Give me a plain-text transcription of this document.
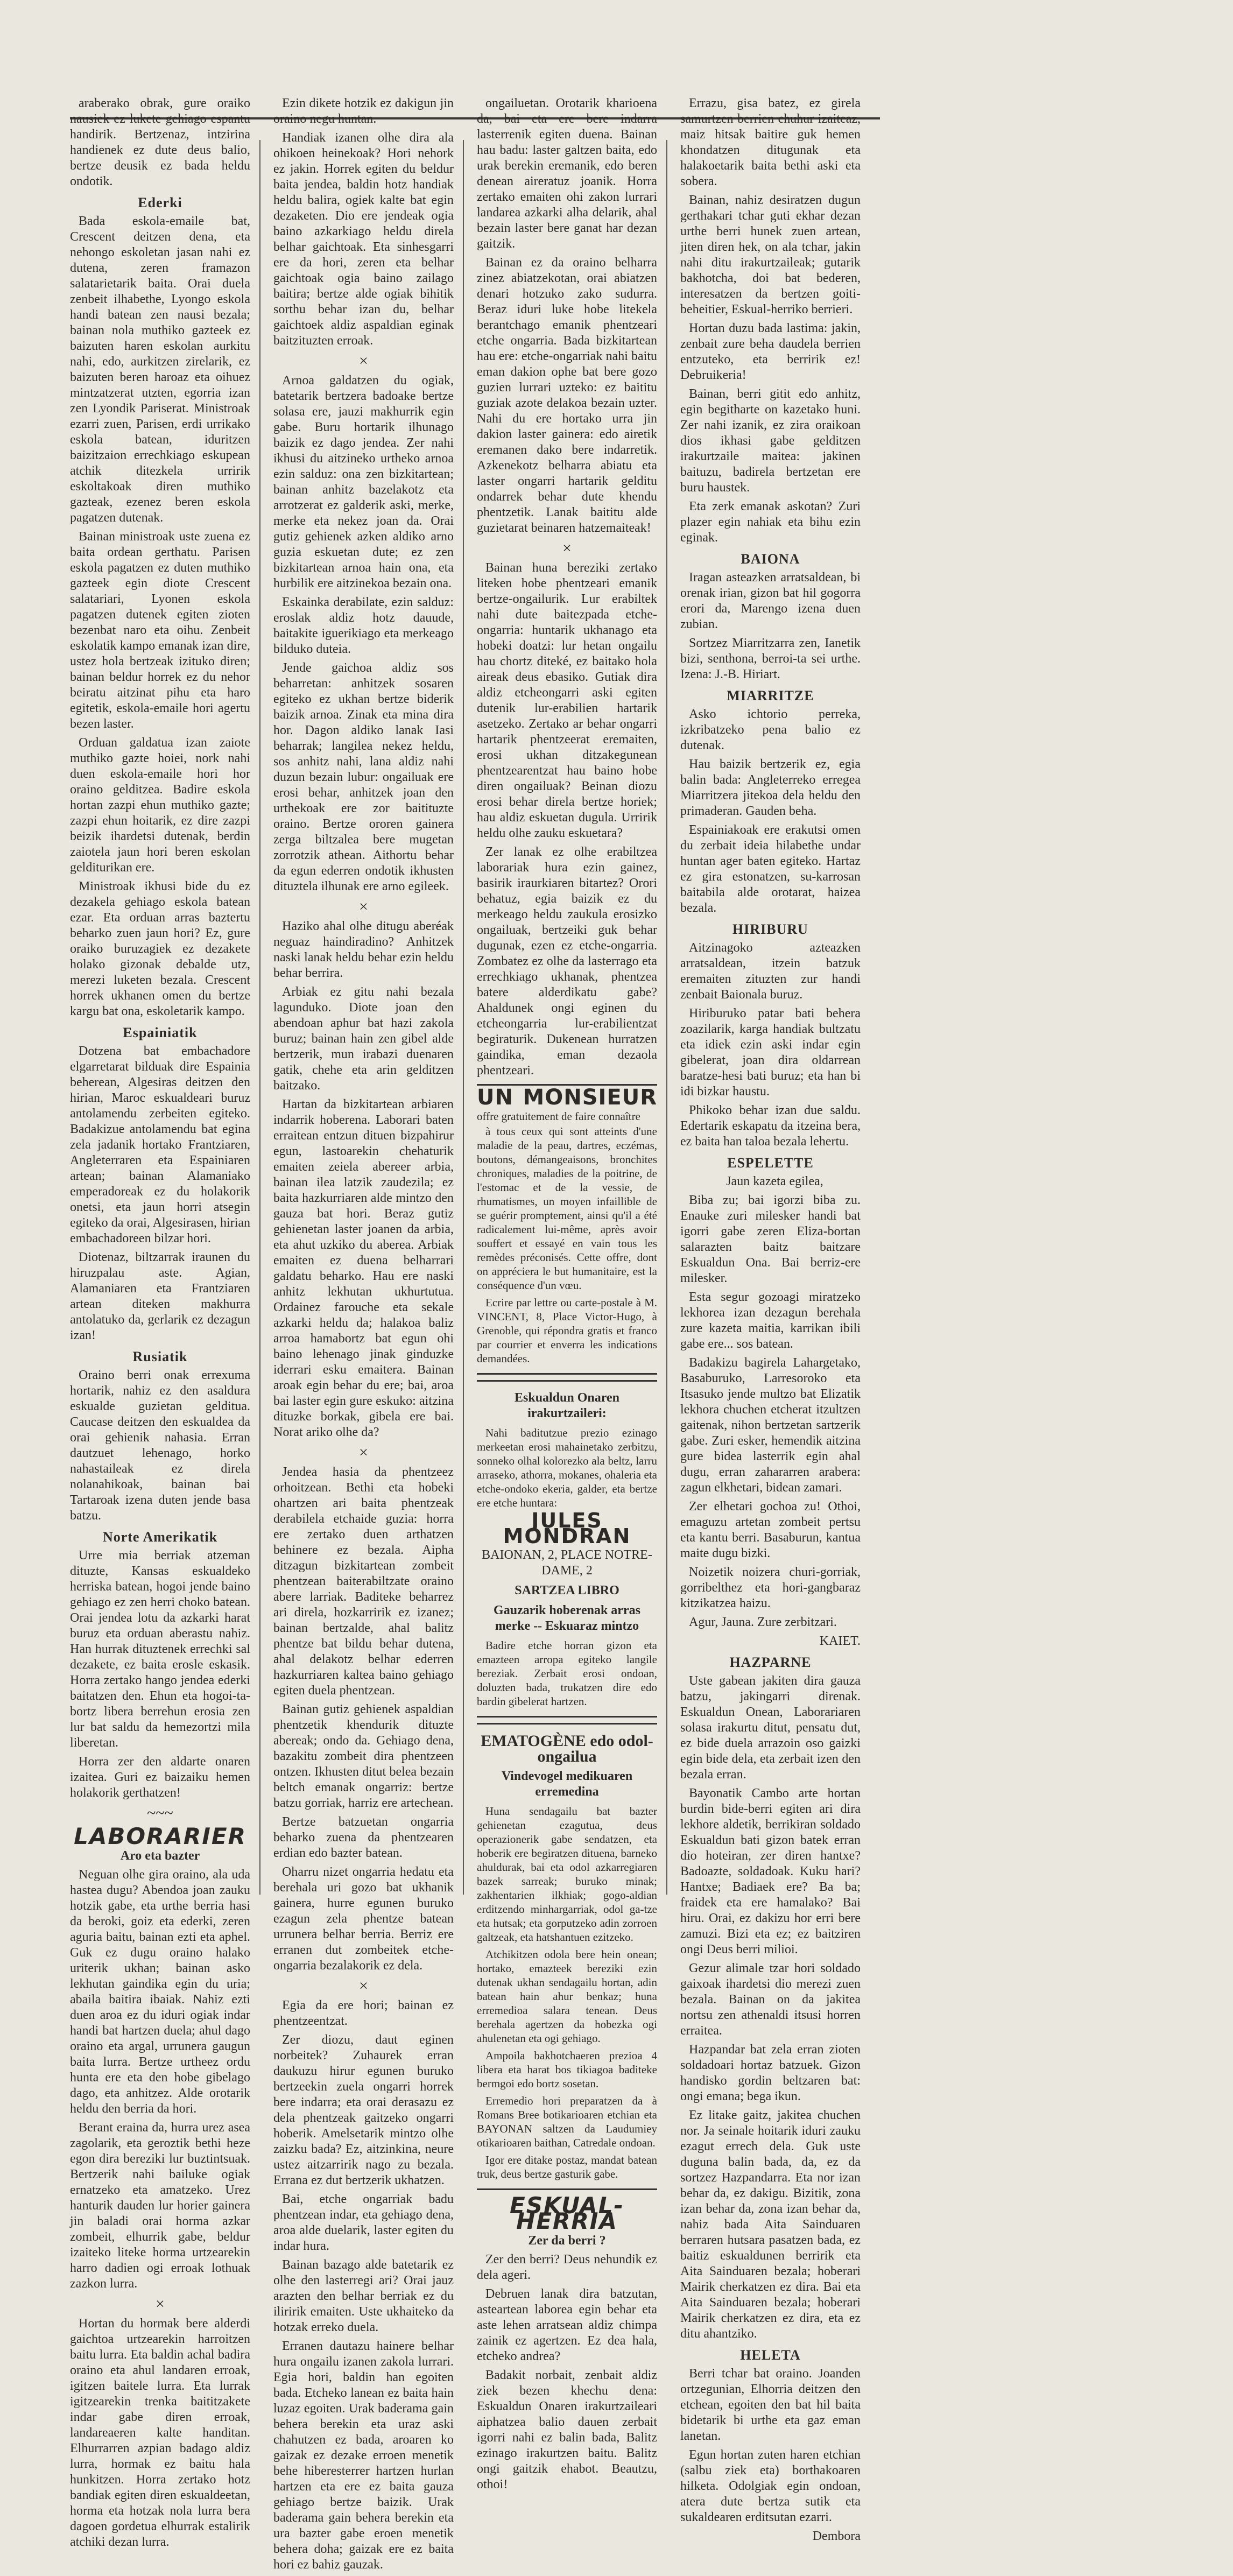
araberako obrak, gure oraiko nausiek ez lukete gehiago espantu handirik. Bertzenaz, intzirina handienek ez dute deus balio, bertze deusik ez bada heldu ondotik.

Ederki

Bada eskola-emaile bat, Crescent deitzen dena, eta nehongo eskoletan jasan nahi ez dutena, zeren framazon salatarietarik baita. Orai duela zenbeit ilhabethe, Lyongo eskola handi batean zen nausi bezala; bainan nola muthiko gazteek ez baizuten haren eskolan aurkitu nahi, edo, aurkitzen zirelarik, ez baizuten beren haroaz eta oihuez mintzatzerat utzten, egorria izan zen Lyondik Pariserat. Ministroak ezarri zuen, Parisen, erdi urrikako eskola batean, iduritzen baizitzaion errechkiago eskupean atchik ditezkela urririk eskoltakoak diren muthiko gazteak, ezenez beren eskola pagatzen dutenak.

Bainan ministroak uste zuena ez baita ordean gerthatu. Parisen eskola pagatzen ez duten muthiko gazteek egin diote Crescent salatariari, Lyonen eskola pagatzen dutenek egiten zioten bezenbat naro eta oihu. Zenbeit eskolatik kampo emanak izan dire, ustez hola bertzeak izituko diren; bainan beldur horrek ez du nehor beiratu aitzinat pihu eta haro egitetik, eskola-emaile hori agertu bezen laster.

Orduan galdatua izan zaiote muthiko gazte hoiei, nork nahi duen eskola-emaile hori hor oraino gelditzea. Badire eskola hortan zazpi ehun muthiko gazte; zazpi ehun hoitarik, ez dire zazpi beizik ihardetsi dutenak, berdin zaiotela jaun hori beren eskolan gelditurikan ere.

Ministroak ikhusi bide du ez dezakela gehiago eskola batean ezar. Eta orduan arras baztertu beharko zuen jaun hori? Ez, gure oraiko buruzagiek ez dezakete holako gizonak debalde utz, merezi luketen bezala. Crescent horrek ukhanen omen du bertze kargu bat ona, eskoletarik kampo.

Espainiatik

Dotzena bat embachadore elgarretarat bilduak dire Espainia beherean, Algesiras deitzen den hirian, Maroc eskualdeari buruz antolamendu zerbeiten egiteko. Badakizue antolamendu bat egina zela jadanik hortako Frantziaren, Angleterraren eta Espainiaren artean; bainan Alamaniako emperadoreak ez du holakorik onetsi, eta jaun horri atsegin egiteko da orai, Algesirasen, hirian embachadoreen bilzar hori.

Diotenaz, biltzarrak iraunen du hiruzpalau aste. Agian, Alamaniaren eta Frantziaren artean diteken makhurra antolatuko da, gerlarik ez dezagun izan!

Rusiatik

Oraino berri onak errexuma hortarik, nahiz ez den asaldura eskualde guzietan gelditua. Caucase deitzen den eskualdea da orai gehienik nahasia. Erran dautzuet lehenago, horko nahastaileak ez direla nolanahikoak, bainan bai Tartaroak izena duten jende basa batzu.

Norte Amerikatik

Urre mia berriak atzeman dituzte, Kansas eskualdeko herriska batean, hogoi jende baino gehiago ez zen herri choko batean. Orai jendea lotu da azkarki harat buruz eta orduan aberastu nahiz. Han hurrak dituztenek errechki sal dezakete, ez baita erosle eskasik. Horra zertako hango jendea ederki baitatzen den. Ehun eta hogoi-ta-bortz libera berrehun erosia zen lur bat saldu da hemezortzi mila liberetan.

Horra zer den aldarte onaren izaitea. Guri ez baizaiku hemen holakorik gerthatzen!

~~~
LABORARIER
Aro eta bazter

Neguan olhe gira oraino, ala uda hastea dugu? Abendoa joan zauku hotzik gabe, eta urthe berria hasi da beroki, goiz eta ederki, zeren aguria baitu, bainan ezti eta aphel. Guk ez dugu oraino halako uriterik ukhan; bainan asko lekhutan gaindika egin du uria; abaila baitira ibaiak. Nahiz ezti duen aroa ez du iduri ogiak indar handi bat hartzen duela; ahul dago oraino eta argal, urrunera gaugun baita lurra. Bertze urtheez ordu hunta ere eta den hobe gibelago dago, eta anhitzez. Alde orotarik heldu den berria da hori.

Berant eraina da, hurra urez asea zagolarik, eta geroztik bethi heze egon dira bereziki lur buztintsuak. Bertzerik nahi bailuke ogiak ernatzeko eta amatzeko. Urez hanturik dauden lur horier gainera jin baladi orai horma azkar zombeit, elhurrik gabe, beldur izaiteko liteke horma urtzearekin harro dadien ogi erroak lothuak zazkon lurra.

×

Hortan du hormak bere alderdi gaichtoa urtzearekin harroitzen baitu lurra. Eta baldin achal badira oraino eta ahul landaren erroak, igitzen baitele lurra. Eta lurrak igitzearekin trenka baititzakete indar gabe diren erroak, landareaeren kalte handitan. Elhurrarren azpian badago aldiz lurra, hormak ez baitu hala hunkitzen. Horra zertako hotz bandiak egiten diren eskualdeetan, horma eta hotzak nola lurra bera dagoen gordetua elhurrak estalirik atchiki dezan lurra.

Ezin dikete hotzik ez dakigun jin oraino negu huntan.

Handiak izanen olhe dira ala ohikoen heinekoak? Hori nehork ez jakin. Horrek egiten du beldur baita jendea, baldin hotz handiak heldu balira, ogiek kalte bat egin dezaketen. Dio ere jendeak ogia baino azkarkiago heldu direla belhar gaichtoak. Eta sinhesgarri ere da hori, zeren eta belhar gaichtoak ogia baino zailago baitira; bertze alde ogiak bihitik sorthu behar izan du, belhar gaichtoek aldiz aspaldian eginak baitzituzten erroak.

×

Arnoa galdatzen du ogiak, batetarik bertzera badoake bertze solasa ere, jauzi makhurrik egin gabe. Buru hortarik ilhunago baizik ez dago jendea. Zer nahi ikhusi du aitzineko urtheko arnoa ezin salduz: ona zen bizkitartean; bainan anhitz bazelakotz eta arrotzerat ez galderik aski, merke, merke eta nekez joan da. Orai gutiz gehienek azken aldiko arno guzia eskuetan dute; ez zen bizkitartean arnoa hain ona, eta hurbilik ere aitzinekoa bezain ona.

Eskainka derabilate, ezin salduz: eroslak aldiz hotz dauude, baitakite iguerikiago eta merkeago bilduko duteia.

Jende gaichoa aldiz sos beharretan: anhitzek sosaren egiteko ez ukhan bertze biderik baizik arnoa. Zinak eta mina dira hor. Dagon aldiko lanak Iasi beharrak; langilea nekez heldu, sos anhitz nahi, lana aldiz nahi duzun bezain lubur: ongailuak ere erosi behar, anhitzek joan den urthekoak ere zor baitituzte oraino. Bertze ororen gainera zerga biltzalea bere mugetan zorrotzik athean. Aithortu behar da egun ederren ondotik ikhusten dituztela ilhunak ere arno egileek.

×

Haziko ahal olhe ditugu aberéak neguaz haindiradino? Anhitzek naski lanak heldu behar ezin heldu behar berrira.

Arbiak ez gitu nahi bezala lagunduko. Diote joan den abendoan aphur bat hazi zakola buruz; bainan hain zen gibel alde bertzerik, mun irabazi duenaren gatik, chehe eta arin gelditzen baitzako.

Hartan da bizkitartean arbiaren indarrik hoberena. Laborari baten erraitean entzun dituen bizpahirur egun, lastoarekin chehaturik emaiten zeiela abereer arbia, bainan ilea latzik zaudezila; ez baita hazkurriaren alde mintzo den gauza bat hori. Beraz gutiz gehienetan laster joanen da arbia, eta ahut uzkiko du aberea. Arbiak emaiten ez duena belharrari galdatu beharko. Hau ere naski anhitz lekhutan ukhurtutua. Ordainez farouche eta sekale azkarki heldu da; halakoa baliz arroa hamabortz bat egun ohi baino lehenago jinak ginduzke iderrari esku emaitera. Bainan aroak egin behar du ere; bai, aroa bai laster egin gure eskuko: aitzina dituzke borkak, gibela ere bai. Norat ariko olhe da?

×

Jendea hasia da phentzeez orhoitzean. Bethi eta hobeki ohartzen ari baita phentzeak derabilela etchaide guzia: horra ere zertako duen arthatzen behinere ez bezala. Aipha ditzagun bizkitartean zombeit phentzean baiterabiltzate oraino abere larriak. Baditeke beharrez ari direla, hozkarririk ez izanez; bainan bertzalde, ahal balitz phentze bat bildu behar dutena, ahal delakotz belhar ederren hazkurriaren kaltea baino gehiago egiten duela phentzean.

Bainan gutiz gehienek aspaldian phentzetik khendurik dituzte abereak; ondo da. Gehiago dena, bazakitu zombeit dira phentzeen ontzen. Ikhusten ditut belea bezain beltch emanak ongarriz: bertze batzu gorriak, harriz ere artechean.

Bertze batzuetan ongarria beharko zuena da phentzearen erdian edo bazter batean.

Oharru nizet ongarria hedatu eta berehala uri gozo bat ukhanik gainera, hurre egunen buruko ezagun zela phentze batean urrunera belhar berria. Berriz ere erranen dut zombeitek etche-ongarria bezalakorik ez dela.

×

Egia da ere hori; bainan ez phentzeentzat.

Zer diozu, daut eginen norbeitek? Zuhaurek erran daukuzu hirur egunen buruko bertzeekin zuela ongarri horrek bere indarra; eta orai derasazu ez dela phentzeak gaitzeko ongarri hoberik. Amelsetarik mintzo olhe zaizku bada? Ez, aitzinkina, neure ustez aitzarririk nago zu bezala. Errana ez dut bertzerik ukhatzen.

Bai, etche ongarriak badu phentzean indar, eta gehiago dena, aroa alde duelarik, laster egiten du indar hura.

Bainan bazago alde batetarik ez olhe den lasterregi ari? Orai jauz arazten den belhar berriak ez du iliririk emaiten. Uste ukhaiteko da hotzak erreko duela.

Erranen dautazu hainere belhar hura ongailu izanen zakola lurrari. Egia hori, baldin han egoiten bada. Etcheko lanean ez baita hain luzaz egoiten. Urak baderama gain behera berekin eta uraz aski chahutzen ez bada, aroaren ko gaizak ez dezake erroen menetik behe hiberesterrer hartzen hurlan hartzen eta ere ez baita gauza gehiago bertze baizik. Urak baderama gain behera berekin eta ura bazter gabe eroen menetik behera doha; gaizak ere ez baita hori ez bahiz gauzak.

ongailuetan. Orotarik kharioena da, bai eta ere bere indarra lasterrenik egiten duena. Bainan hau badu: laster galtzen baita, edo urak berekin eremanik, edo beren denean aireratuz joanik. Horra zertako emaiten ohi zakon lurrari landarea azkarki alha delarik, ahal bezain laster bere ganat har dezan gaitzik.

Bainan ez da oraino belharra zinez abiatzekotan, orai abiatzen denari hotzuko zako sudurra. Beraz iduri luke hobe litekela berantchago emanik phentzeari etche ongarria. Bada bizkitartean hau ere: etche-ongarriak nahi baitu eman dakion ophe bat bere gozo guzien lurrari uzteko: ez baititu guziak azote delakoa bezain uzter. Nahi du ere hortako urra jin dakion laster gainera: edo airetik eremanen dako bere indarretik. Azkenekotz belharra abiatu eta laster ongarri hartarik gelditu ondarrek behar dute khendu phentzetik. Lanak baititu alde guzietarat beinaren hatzemaiteak!

×

Bainan huna bereziki zertako liteken hobe phentzeari emanik bertze-ongailurik. Lur erabiltek nahi dute baitezpada etche-ongarria: huntarik ukhanago eta hobeki doatzi: lur hetan ongailu hau chortz diteké, ez baitako hola aireak deus ebasiko. Gutiak dira aldiz etcheongarri aski egiten dutenik lur-erabilien hartarik asetzeko. Zertako ar behar ongarri hartarik phentzeerat eremaiten, erosi ukhan ditzakegunean phentzearentzat hau baino hobe diren ongailuak? Beinan diozu erosi behar direla bertze horiek; hau aldiz eskuetan dugula. Urririk heldu olhe zauku eskuetara?

Zer lanak ez olhe erabiltzea laborariak hura ezin gainez, basirik iraurkiaren bitartez? Orori behatuz, egia baizik ez du merkeago heldu zaukula erosizko ongailuak, bertzeiki guk behar dugunak, ezen ez etche-ongarria. Zombatez ez olhe da lasterrago eta errechkiago ukhanak, phentzea batere alderdikatu gabe? Ahaldunek ongi eginen du etcheongarria lur-erabilientzat begiraturik. Dukenean hurratzen gaindika, eman dezaola phentzeari.

UN MONSIEUR offre gratuitement de faire connaître

à tous ceux qui sont atteints d'une maladie de la peau, dartres, eczémas, boutons, démangeaisons, bronchites chroniques, maladies de la poitrine, de l'estomac et de la vessie, de rhumatismes, un moyen infaillible de se guérir promptement, ainsi qu'il a été radicalement lui-même, après avoir souffert et essayé en vain tous les remèdes préconisés. Cette offre, dont on appréciera le but humanitaire, est la conséquence d'un vœu.

Ecrire par lettre ou carte-postale à M. VINCENT, 8, Place Victor-Hugo, à Grenoble, qui répondra gratis et franco par courrier et enverra les indications demandées.

Eskualdun Onaren irakurtzaileri:

Nahi baditutzue prezio ezinago merkeetan erosi mahainetako zerbitzu, sonneko olhal kolorezko ala beltz, larru arraseko, athorra, mokanes, ohaleria eta etche-ondoko ekeria, galder, eta bertze ere etche huntara:

JULES MONDRAN
BAIONAN, 2, PLACE NOTRE-DAME, 2
SARTZEA LIBRO
Gauzarik hoberenak arras merke -- Eskuaraz mintzo

Badire etche horran gizon eta emazteen arropa egiteko langile bereziak. Zerbait erosi ondoan, doluzten bada, trukatzen dire edo bardin gibelerat hartzen.

EMATOGÈNE edo odol-ongailua
Vindevogel medikuaren erremedina

Huna sendagailu bat bazter gehienetan ezagutua, deus operazionerik gabe sendatzen, eta hoberik ere begiratzen dituena, barneko ahuldurak, bai eta odol azkarregiaren bazek sarreak; buruko minak; zakhentarien ilkhiak; gogo-aldian erditzendo minhargarriak, odol ga-tze eta hutsak; eta gorputzeko adin zorroen galtzeak, eta hatshantuen ezitzeko.

Atchikitzen odola bere hein onean; hortako, emazteek bereziki ezin dutenak ukhan sendagailu hortan, adin batean hain ahur benkaz; huna erremedioa salara tenean. Deus berehala agertzen da hobezka ogi ahulenetan eta ogi gehiago.

Ampoila bakhotchaeren prezioa 4 libera eta harat bos tikiagoa baditeke bermgoi edo bortz sosetan.

Erremedio hori preparatzen da à Romans Bree botikarioaren etchian eta BAYONAN saltzen da Laudumiey otikarioaren baithan, Catredale ondoan.

Igor ere ditake postaz, mandat batean truk, deus bertze gasturik gabe.

ESKUAL-HERRIA
Zer da berri ?

Zer den berri? Deus nehundik ez dela ageri.

Debruen lanak dira batzutan, asteartean laborea egin behar eta aste lehen arratsean aldiz chimpa zainik ez agertzen. Ez dea hala, etcheko andrea?

Badakit norbait, zenbait aldiz ziek bezen khechu dena: Eskualdun Onaren irakurtzaileari aiphatzea balio dauen zerbait igorri nahi ez balin bada, Balitz ezinago irakurtzen baitu. Balitz ongi gaitzik ehabot. Beautzu, othoi!

Errazu, gisa batez, ez girela samurtzen berrien chuhur izaiteaz, maiz hitsak baitire guk hemen khondatzen ditugunak eta halakoetarik baita bethi aski eta sobera.

Bainan, nahiz desiratzen dugun gerthakari tchar guti ekhar dezan urthe berri hunek zuen artean, jiten diren hek, on ala tchar, jakin nahi ditu irakurtzaileak; gutarik bakhotcha, doi bat bederen, interesatzen da bertzen goiti-beheitier, Eskual-herriko berrieri.

Hortan duzu bada lastima: jakin, zenbait zure beha daudela berrien entzuteko, eta berririk ez! Debruikeria!

Bainan, berri gitit edo anhitz, egin begitharte on kazetako huni. Zer nahi izanik, ez zira oraikoan dios ikhasi gabe gelditzen irakurtzaile maitea: jakinen baituzu, badirela bertzetan ere buru haustek.

Eta zerk emanak askotan? Zuri plazer egin nahiak eta bihu ezin eginak.

BAIONA

Iragan asteazken arratsaldean, bi orenak irian, gizon bat hil gogorra erori da, Marengo izena duen zubian.

Sortzez Miarritzarra zen, Ianetik bizi, senthona, berroi-ta sei urthe. Izena: J.-B. Hiriart.

MIARRITZE

Asko ichtorio perreka, izkribatzeko pena balio ez dutenak.

Hau baizik bertzerik ez, egia balin bada: Angleterreko erregea Miarritzera jitekoa dela heldu den primaderan. Gauden beha.

Espainiakoak ere erakutsi omen du zerbait ideia hilabethe undar huntan ager baten egiteko. Hartaz ez gira estonatzen, su-karrosan baitabila alde orotarat, haizea bezala.

HIRIBURU

Aitzinagoko azteazken arratsaldean, itzein batzuk eremaiten zituzten zur handi zenbait Baionala buruz.

Hiriburuko patar bati behera zoazilarik, karga handiak bultzatu eta idiek ezin aski indar egin gibelerat, joan dira oldarrean baratze-hesi bati buruz; eta han bi idi bizkar haustu.

Phikoko behar izan due saldu. Edertarik eskapatu da itzeina bera, ez baita han taloa bezala lehertu.

ESPELETTE

Jaun kazeta egilea,

Biba zu; bai igorzi biba zu. Enauke zuri milesker handi bat igorri gabe zeren Eliza-bortan salarazten baitz baitzare Eskualdun Ona. Bai berriz-ere milesker.

Esta segur gozoagi miratzeko lekhorea izan dezagun berehala zure kazeta maitia, karrikan ibili gabe ere... sos batean.

Badakizu bagirela Lahargetako, Basaburuko, Larresoroko eta Itsasuko jende multzo bat Elizatik lekhora chuchen etcherat itzultzen gaitenak, nihon bertzetan sartzerik gabe. Zuri esker, hemendik aitzina gure bidea lasterrik egin ahal dugu, erran zahararren arabera: zagun elkhetari, bidean zamari.

Zer elhetari gochoa zu! Othoi, emaguzu artetan zombeit pertsu eta kantu berri. Basaburun, kantua maite dugu bizki.

Noizetik noizera churi-gorriak, gorribelthez eta hori-gangbaraz kitzikatzea haizu.

Agur, Jauna. Zure zerbitzari.

KAIET.

HAZPARNE

Uste gabean jakiten dira gauza batzu, jakingarri direnak. Eskualdun Onean, Laborariaren solasa irakurtu ditut, pensatu dut, ez bide duela arrazoin oso gaizki egin bide dela, eta zerbait izen den bezala erran.

Bayonatik Cambo arte hortan burdin bide-berri egiten ari dira lekhore aldetik, berrikiran soldado Eskualdun bati gizon batek erran dio hoteiran, zer diren hantxe? Badoazte, soldadoak. Kuku hari? Hantxe; Badiaek ere? Ba ba; fraidek eta ere hamalako? Bai hiru. Orai, ez dakizu hor erri bere zamuzi. Bizi eta ez; ez baitziren ongi Deus berri milioi.

Gezur alimale tzar hori soldado gaixoak ihardetsi dio merezi zuen bezala. Bainan on da jakitea nortsu zen athenaldi itsusi horren erraitea.

Hazpandar bat zela erran zioten soldadoari hortaz batzuek. Gizon handisko gordin beltzaren bat: ongi emana; bega ikun.

Ez litake gaitz, jakitea chuchen nor. Ja seinale hoitarik iduri zauku ezagut errech dela. Guk uste duguna balin bada, da, ez da sortzez Hazpandarra. Eta nor izan behar da, ez dakigu. Bizitik, zona izan behar da, zona izan behar da, nahiz bada Aita Sainduaren berraren hutsara pasatzen bada, ez baitiz eskualdunen berririk eta Aita Sainduaren bezala; hoberari Mairik cherkatzen ez dira. Bai eta Aita Sainduaren bezala; hoberari Mairik cherkatzen ez dira, eta ez ditu ahantziko.

HELETA

Berri tchar bat oraino. Joanden ortzegunian, Elhorria deitzen den etchean, egoiten den bat hil baita bidetarik bi urthe eta gaz eman lanetan.

Egun hortan zuten haren etchian (salbu ziek eta) borthakoaren hilketa. Odolgiak egin ondoan, atera dute bertza sutik eta sukaldearen erditsutan ezarri.

Dembora
